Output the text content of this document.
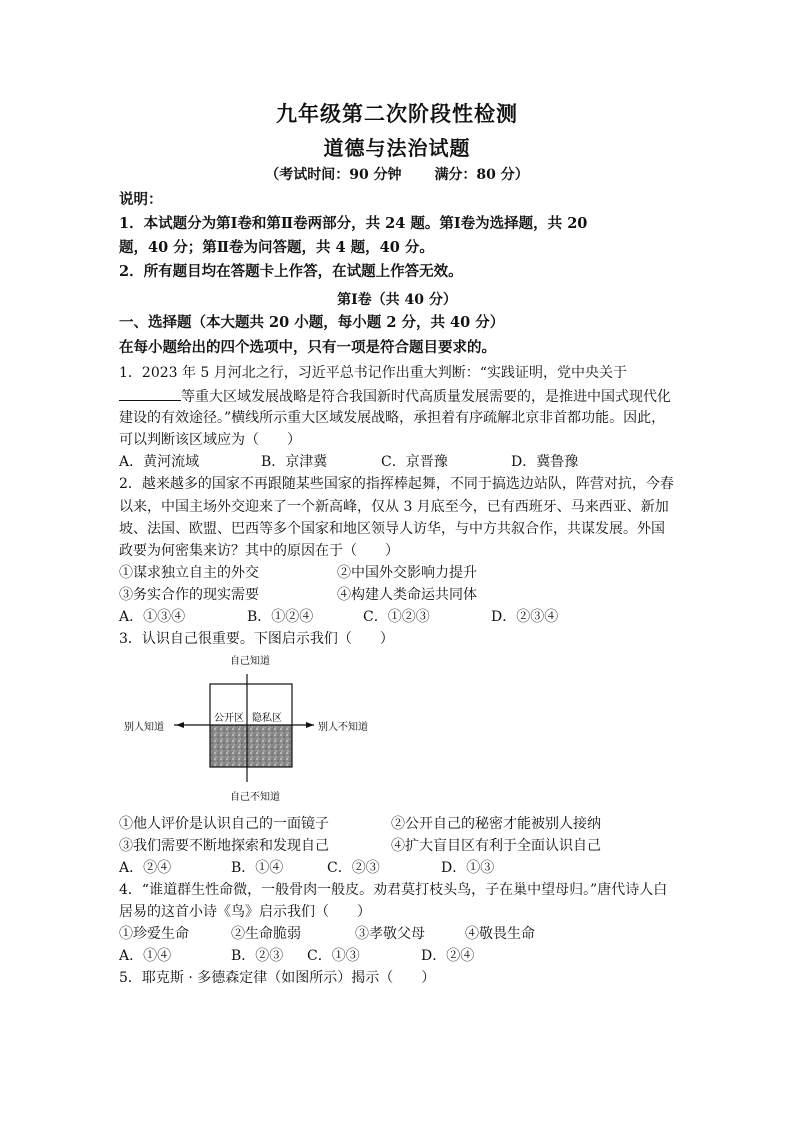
九年级第二次阶段性检测
道德与法治试题
（考试时间：90 分钟 满分：80 分）
说明：
1．本试题分为第Ⅰ卷和第Ⅱ卷两部分，共 24 题。第Ⅰ卷为选择题，共 20
题，40 分；第Ⅱ卷为问答题，共 4 题，40 分。
2．所有题目均在答题卡上作答，在试题上作答无效。
第Ⅰ卷（共 40 分）
一、选择题（本大题共 20 小题，每小题 2 分，共 40 分）
在每小题给出的四个选项中，只有一项是符合题目要求的。
1．2023 年 5 月河北之行，习近平总书记作出重大判断：“实践证明，党中央关于
等重大区域发展战略是符合我国新时代高质量发展需要的，是推进中国式现代化
建设的有效途径。”横线所示重大区域发展战略，承担着有序疏解北京非首都功能。因此，
可以判断该区域应为（　　）
A．黄河流域	B．京津冀	C．京晋豫	D．冀鲁豫
2．越来越多的国家不再跟随某些国家的指挥棒起舞，不同于搞选边站队，阵营对抗，今春
以来，中国主场外交迎来了一个新高峰，仅从 3 月底至今，已有西班牙、马来西亚、新加
坡、法国、欧盟、巴西等多个国家和地区领导人访华，与中方共叙合作，共谋发展。外国
政要为何密集来访？其中的原因在于（　　）
①谋求独立自主的外交	②中国外交影响力提升
③务实合作的现实需要	④构建人类命运共同体
A．①③④	B．①②④	C．①②③	D．②③④
3．认识自己很重要。下图启示我们（　　）
自己知道
自己不知道
别人知道	别人不知道
公开区 隐私区
①他人评价是认识自己的一面镜子	②公开自己的秘密才能被别人接纳
③我们需要不断地探索和发现自己	④扩大盲目区有利于全面认识自己
A．②④	B．①④	C．②③	D．①③
4．“谁道群生性命微，一般骨肉一般皮。劝君莫打枝头鸟，子在巢中望母归。”唐代诗人白
居易的这首小诗《鸟》启示我们（　　）
①珍爱生命	②生命脆弱	③孝敬父母	④敬畏生命
A．①④	B．②③ C．①③	D．②④
5．耶克斯 · 多德森定律（如图所示）揭示（　　）
